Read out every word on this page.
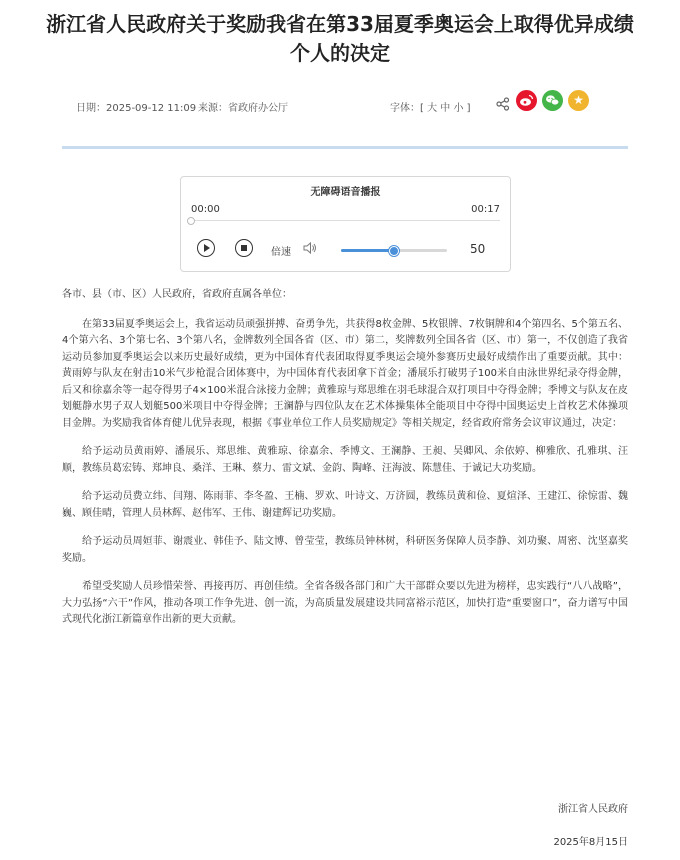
浙江省人民政府关于奖励我省在第33届夏季奥运会上取得优异成绩个人的决定
日期：2025-09-12 11:09 来源：省政府办公厅	字体：[ 大 中 小 ]
★
无障碍语音播报
00:00	00:17
倍速	50

各市、县（市、区）人民政府，省政府直属各单位：

在第33届夏季奥运会上，我省运动员顽强拼搏、奋勇争先，共获得8枚金牌、5枚银牌、7枚铜牌和4个第四名、5个第五名、4个第六名、3个第七名、3个第八名，金牌数列全国各省（区、市）第二，奖牌数列全国各省（区、市）第一，不仅创造了我省运动员参加夏季奥运会以来历史最好成绩，更为中国体育代表团取得夏季奥运会境外参赛历史最好成绩作出了重要贡献。其中：黄雨婷与队友在射击10米气步枪混合团体赛中，为中国体育代表团拿下首金；潘展乐打破男子100米自由泳世界纪录夺得金牌，后又和徐嘉余等一起夺得男子4×100米混合泳接力金牌；黄雅琼与郑思维在羽毛球混合双打项目中夺得金牌；季博文与队友在皮划艇静水男子双人划艇500米项目中夺得金牌；王澜静与四位队友在艺术体操集体全能项目中夺得中国奥运史上首枚艺术体操项目金牌。为奖励我省体育健儿优异表现，根据《事业单位工作人员奖励规定》等相关规定，经省政府常务会议审议通过，决定：

给予运动员黄雨婷、潘展乐、郑思维、黄雅琼、徐嘉余、季博文、王澜静、王昶、吴卿风、余依婷、柳雅欣、孔雅琪、汪顺，教练员葛宏铸、郑坤良、桑洋、王琳、蔡力、雷文斌、金韵、陶峰、汪海波、陈慧佳、于诚记大功奖励。

给予运动员费立纬、闫翔、陈雨菲、李冬盈、王楠、罗欢、叶诗文、万济圆，教练员黄和俭、夏煊泽、王建江、徐惊雷、魏巍、顾佳晴，管理人员林辉、赵伟军、王伟、谢建辉记功奖励。

给予运动员周姮菲、谢震业、韩佳予、陆文博、曾莹莹，教练员钟林树，科研医务保障人员李静、刘功聚、周密、沈坚嘉奖奖励。

希望受奖励人员珍惜荣誉、再接再厉、再创佳绩。全省各级各部门和广大干部群众要以先进为榜样，忠实践行“八八战略”，大力弘扬“六干”作风，推动各项工作争先进、创一流，为高质量发展建设共同富裕示范区，加快打造“重要窗口”，奋力谱写中国式现代化浙江新篇章作出新的更大贡献。

浙江省人民政府
2025年8月15日
